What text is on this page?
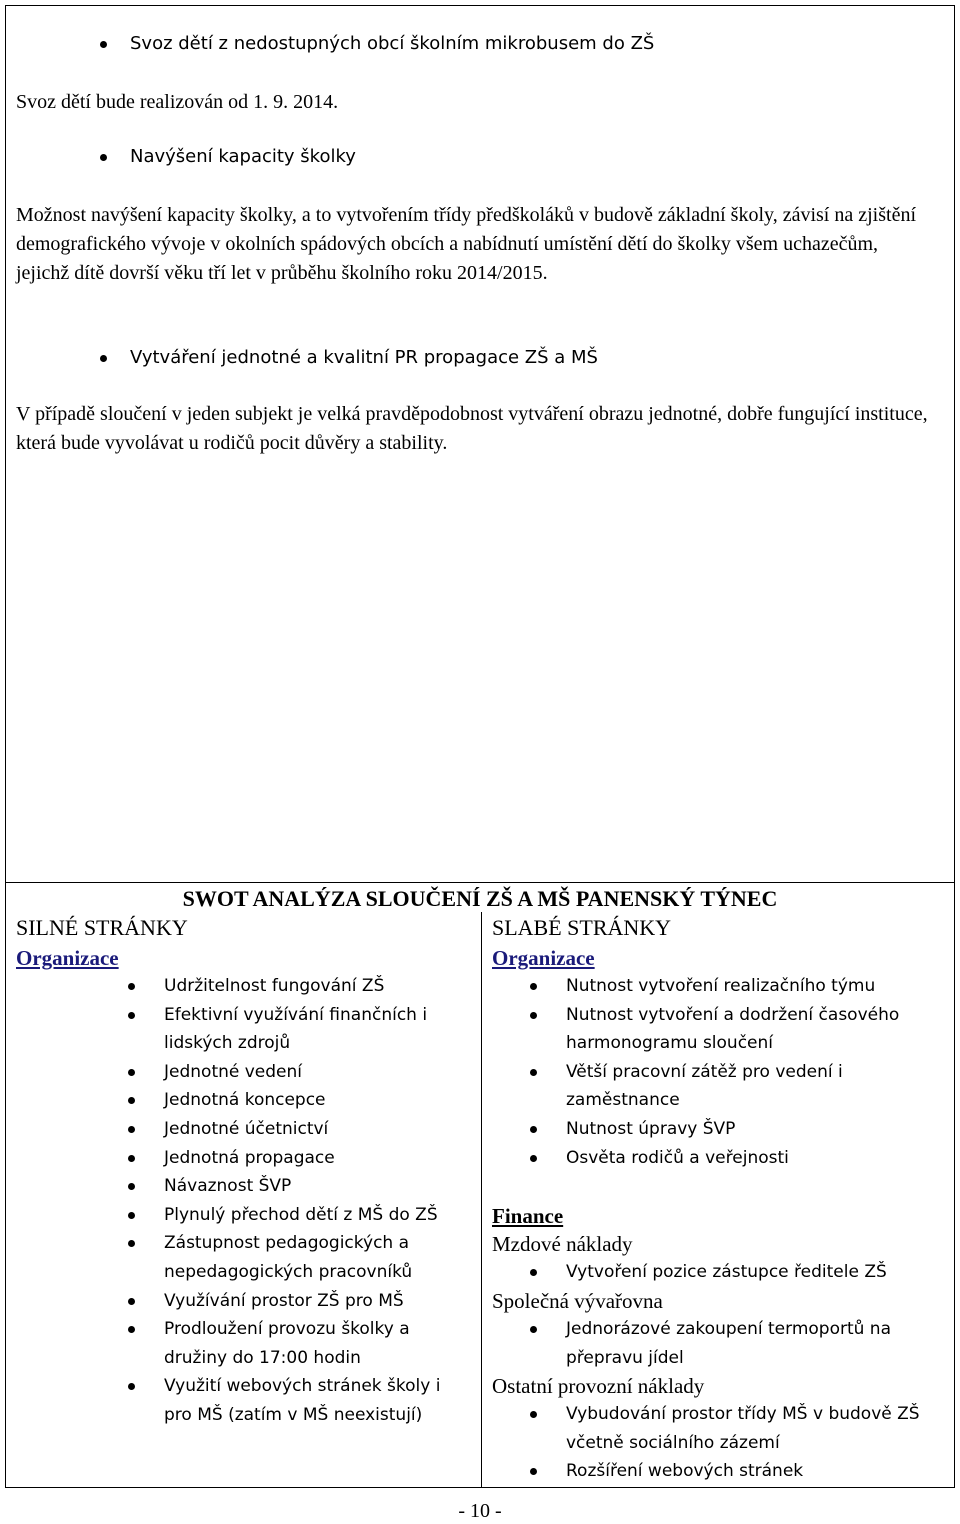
Svoz dětí z nedostupných obcí školním mikrobusem do ZŠ
Svoz dětí bude realizován od 1. 9. 2014.
Navýšení kapacity školky
Možnost navýšení kapacity školky, a to vytvořením třídy předškoláků v budově základní školy, závisí na zjištění demografického vývoje v okolních spádových obcích a nabídnutí umístění dětí do školky všem uchazečům, jejichž dítě dovrší věku tří let v průběhu školního roku 2014/2015.
Vytváření jednotné a kvalitní PR propagace ZŠ a MŠ
V případě sloučení v jeden subjekt je velká pravděpodobnost vytváření obrazu jednotné, dobře fungující instituce, která bude vyvolávat u rodičů pocit důvěry a stability.
SWOT ANALÝZA SLOUČENÍ ZŠ A MŠ PANENSKÝ TÝNEC
SILNÉ STRÁNKY
Organizace
Udržitelnost fungování ZŠ
Efektivní využívání finančních i lidských zdrojů
Jednotné vedení
Jednotná koncepce
Jednotné účetnictví
Jednotná propagace
Návaznost ŠVP
Plynulý přechod dětí z MŠ do ZŠ
Zástupnost pedagogických a nepedagogických pracovníků
Využívání prostor ZŠ pro MŠ
Prodloužení provozu školky a družiny do 17:00 hodin
Využití webových stránek školy i pro MŠ (zatím v MŠ neexistují)
SLABÉ STRÁNKY
Organizace
Nutnost vytvoření realizačního týmu
Nutnost vytvoření a dodržení časového harmonogramu sloučení
Větší pracovní zátěž pro vedení i zaměstnance
Nutnost úpravy ŠVP
Osvěta rodičů a veřejnosti
Finance
Mzdové náklady
Vytvoření pozice zástupce ředitele ZŠ
Společná vývařovna
Jednorázové zakoupení termoportů na přepravu jídel
Ostatní provozní náklady
Vybudování prostor třídy MŠ v budově ZŠ včetně sociálního zázemí
Rozšíření webových stránek
- 10 -
